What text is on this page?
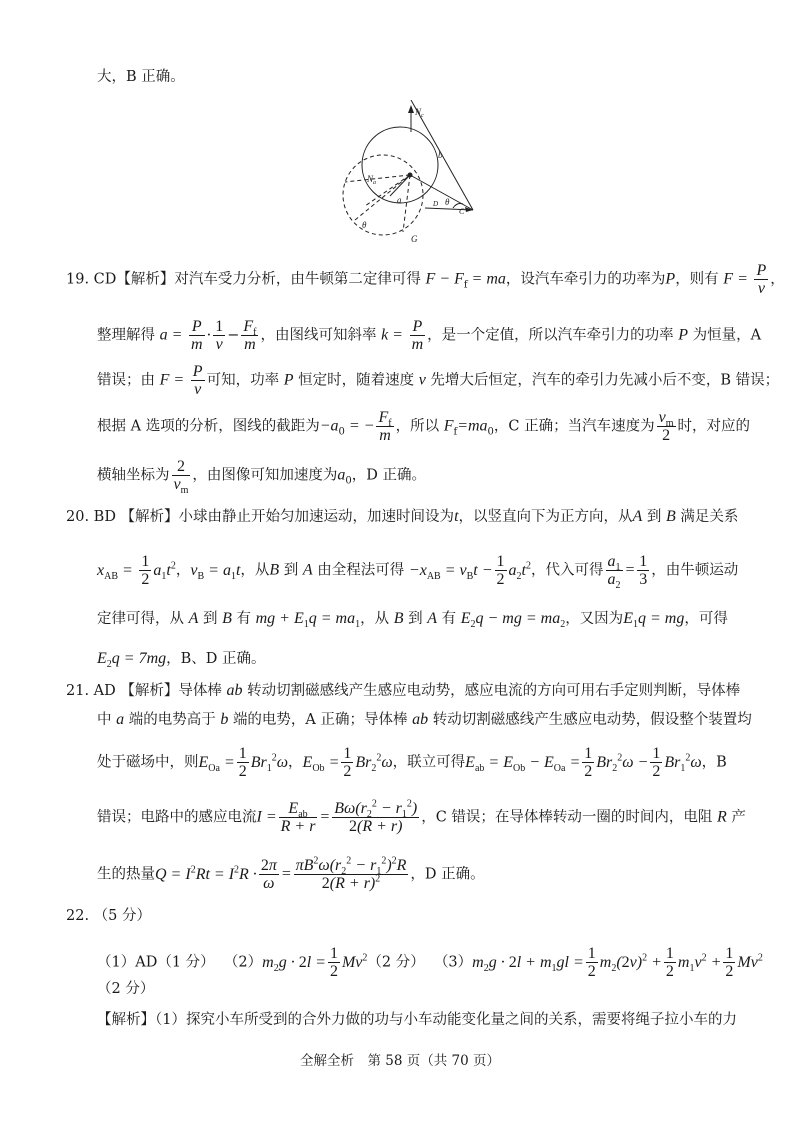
大，B 正确。
$N_c$
$N_a$
b
a	θ
θ
C
G
D
19. CD【解析】对汽车受力分析，由牛顿第二定律可得 $F - F_f$ = ma，设汽车牵引力的功率为P，则有 $F = \frac{P}{v}$ ，
整理解得 $a = \frac{P}{m} \cdot \frac{1}{v} - \frac{F_f}{m}$ ，由图线可知斜率 $k = \frac{P}{m}$ ，是一个定值，所以汽车牵引力的功率 P 为恒量，A
错误；由 $F = \frac{P}{v}$ 可知，功率 P 恒定时，随着速度 v 先增大后恒定，汽车的牵引力先减小后不变，B 错误；
根据 A 选项的分析，图线的截距为$-a_0$ = − $\frac{F_f}{m}$ ，所以 $F_f=ma_0$，C 正确；当汽车速度为 $\frac{v_m}{2}$ 时，对应的
横轴坐标为 $\frac{2}{v_m}$ ，由图像可知加速度为$a_0$，D 正确。
20. BD 【解析】小球由静止开始匀加速运动，加速时间设为t，以竖直向下为正方向，从A 到 B 满足关系
$x_{AB} = \frac{1}{2} a_1t^2$，$v_B = a_1t$，从B 到 A 由全程法可得 $-x_{AB} = v_Bt - \frac{1}{2} a_2t^2$，代入可得 $\frac{a_1}{a_2} = \frac{1}{3}$ ，由牛顿运动
定律可得，从 A 到 B 有 mg + $E_1q = ma_1$，从 B 到 A 有 $E_2q$ − mg = $ma_2$，又因为$E_1q$ = mg，可得
$E_2q = 7mg$，B、D 正确。
21. AD 【解析】导体棒 ab 转动切割磁感线产生感应电动势，感应电流的方向可用右手定则判断，导体棒
中 a 端的电势高于 b 端的电势，A 正确；导体棒 ab 转动切割磁感线产生感应电动势，假设整个装置均
处于磁场中，则$E_{Oa} = \frac{1}{2} Br_1^2\omega$，$E_{Ob} = \frac{1}{2} Br_2^2\omega$，联立可得$E_{ab} = E_{Ob} - E_{Oa} = \frac{1}{2} Br_2^2\omega - \frac{1}{2} Br_1^2\omega$，B
错误；电路中的感应电流$I = \frac{E_{ab}}{R + r} = \frac{B\omega(r_2^2 - r_1^2)}{2(R + r)}$ ，C 错误；在导体棒转动一圈的时间内，电阻 R 产
生的热量$Q = I^2Rt = I^2R \cdot \frac{2\pi}{\omega} = \frac{\pi B^2\omega(r_2^2 - r_1^2)^2R}{2(R + r)^2}$ ，D 正确。
22. （5 分）
（1）AD（1 分） $(2)m_2g \cdot 2l = \frac{1}{2} Mv^2(2$ 分） $(3)m_2g \cdot 2l + m_1gl = \frac{1}{2} m_2(2v)^2 + \frac{1}{2} m_1v^2 + \frac{1}{2} Mv^2$
（2 分）
【解析】（1）探究小车所受到的合外力做的功与小车动能变化量之间的关系，需要将绳子拉小车的力
全解全析　第 58 页（共 70 页）
